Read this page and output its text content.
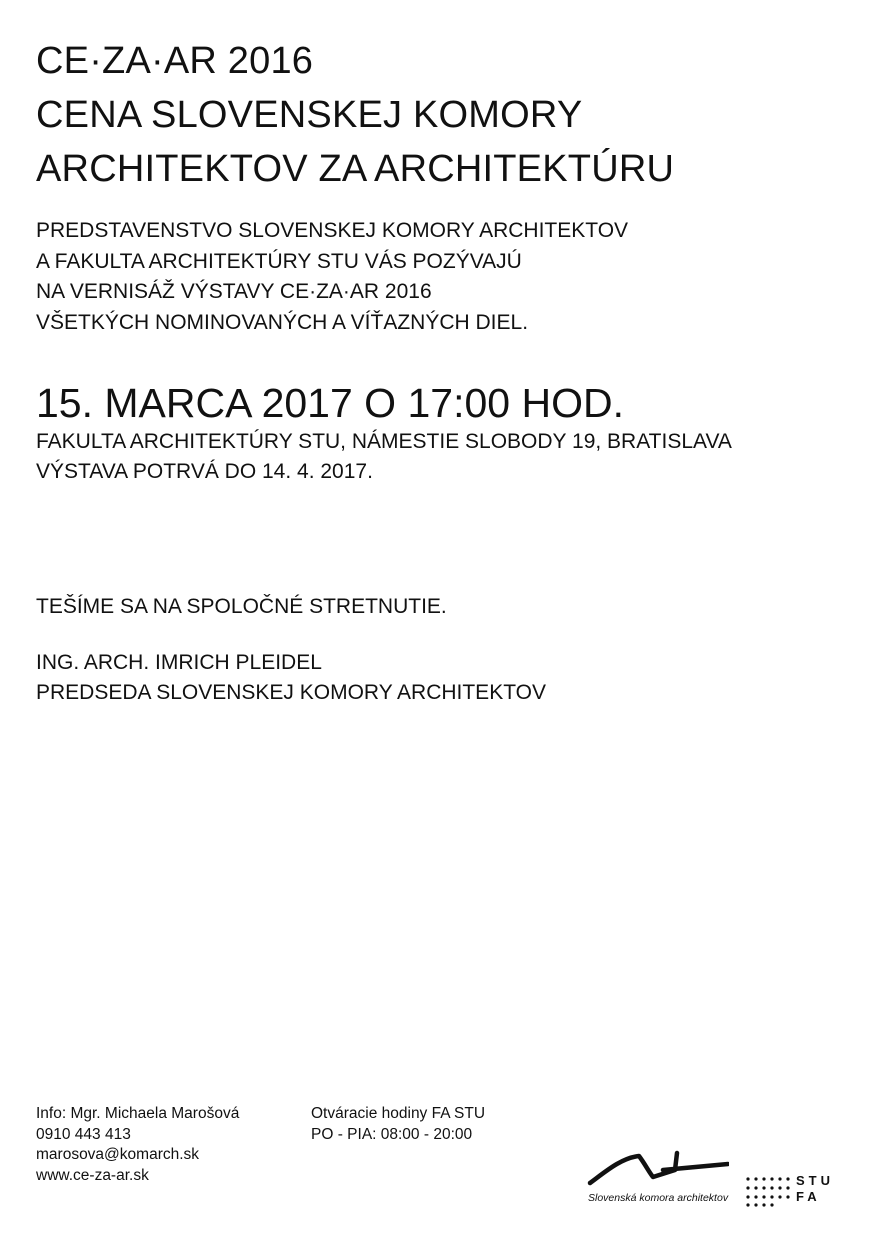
CE·ZA·AR 2016
CENA SLOVENSKEJ KOMORY
ARCHITEKTOV ZA ARCHITEKTÚRU
PREDSTAVENSTVO SLOVENSKEJ KOMORY ARCHITEKTOV
A FAKULTA ARCHITEKTÚRY STU VÁS POZÝVAJÚ
NA VERNISÁŽ VÝSTAVY CE·ZA·AR 2016
VŠETKÝCH NOMINOVANÝCH A VÍŤAZNÝCH DIEL.
15. MARCA 2017 O 17:00 HOD.
FAKULTA ARCHITEKTÚRY STU, NÁMESTIE SLOBODY 19, BRATISLAVA
VÝSTAVA POTRVÁ DO 14. 4. 2017.
TEŠÍME SA NA SPOLOČNÉ STRETNUTIE.
ING. ARCH. IMRICH PLEIDEL
PREDSEDA SLOVENSKEJ KOMORY ARCHITEKTOV
Info: Mgr. Michaela Marošová
0910 443 413
marosova@komarch.sk
www.ce-za-ar.sk
Otváracie hodiny FA STU
PO - PIA: 08:00 - 20:00
Slovenská komora architektov
STU
FA
